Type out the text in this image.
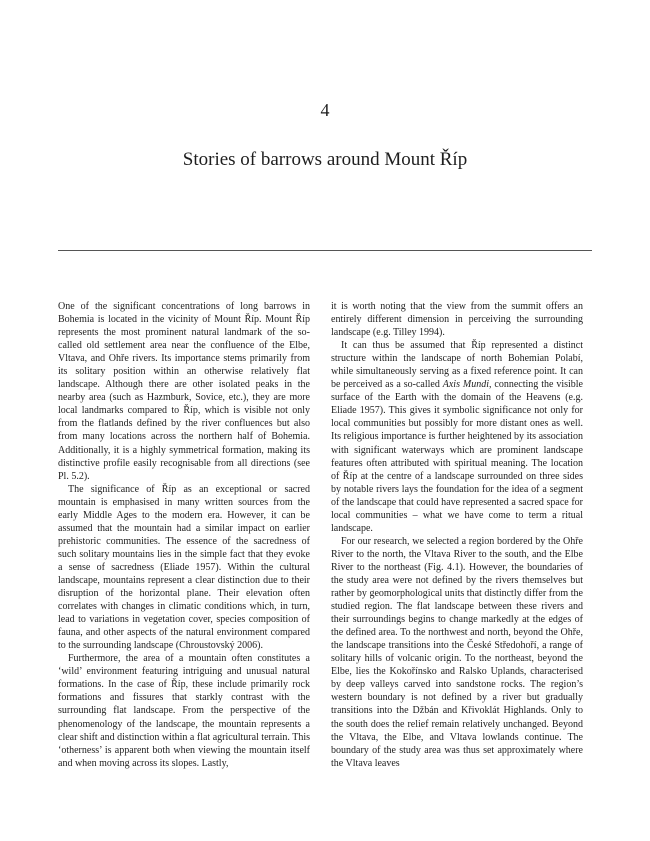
4
Stories of barrows around Mount Říp

One of the significant concentrations of long barrows in Bohemia is located in the vicinity of Mount Říp. Mount Říp represents the most prominent natural landmark of the so-called old settlement area near the confluence of the Elbe, Vltava, and Ohře rivers. Its importance stems primarily from its solitary position within an otherwise relatively flat landscape. Although there are other isolated peaks in the nearby area (such as Hazmburk, Sovice, etc.), they are more local landmarks compared to Říp, which is visible not only from the flatlands defined by the river confluences but also from many locations across the northern half of Bohemia. Additionally, it is a highly symmetrical formation, making its distinctive profile easily recognisable from all directions (see Pl. 5.2).

The significance of Říp as an exceptional or sacred mountain is emphasised in many written sources from the early Middle Ages to the modern era. However, it can be assumed that the mountain had a similar impact on earlier prehistoric communities. The essence of the sacredness of such solitary mountains lies in the simple fact that they evoke a sense of sacredness (Eliade 1957). Within the cultural landscape, mountains represent a clear distinction due to their disruption of the horizontal plane. Their elevation often correlates with changes in climatic conditions which, in turn, lead to variations in vegetation cover, species composition of fauna, and other aspects of the natural environment compared to the surrounding landscape (Chroustovský 2006).

Furthermore, the area of a mountain often constitutes a ‘wild’ environment featuring intriguing and unusual natural formations. In the case of Říp, these include primarily rock formations and fissures that starkly contrast with the surrounding flat landscape. From the perspective of the phenomenology of the landscape, the mountain represents a clear shift and distinction within a flat agricultural terrain. This ‘otherness’ is apparent both when viewing the mountain itself and when moving across its slopes. Lastly,

it is worth noting that the view from the summit offers an entirely different dimension in perceiving the surrounding landscape (e.g. Tilley 1994).

It can thus be assumed that Říp represented a distinct structure within the landscape of north Bohemian Polabí, while simultaneously serving as a fixed reference point. It can be perceived as a so-called Axis Mundi, connecting the visible surface of the Earth with the domain of the Heavens (e.g. Eliade 1957). This gives it symbolic significance not only for local communities but possibly for more distant ones as well. Its religious importance is further heightened by its association with significant waterways which are prominent landscape features often attributed with spiritual meaning. The location of Říp at the centre of a landscape surrounded on three sides by notable rivers lays the foundation for the idea of a segment of the landscape that could have represented a sacred space for local communities – what we have come to term a ritual landscape.

For our research, we selected a region bordered by the Ohře River to the north, the Vltava River to the south, and the Elbe River to the northeast (Fig. 4.1). However, the boundaries of the study area were not defined by the rivers themselves but rather by geomorphological units that distinctly differ from the studied region. The flat landscape between these rivers and their surroundings begins to change markedly at the edges of the defined area. To the northwest and north, beyond the Ohře, the landscape transitions into the České Středohoří, a range of solitary hills of volcanic origin. To the northeast, beyond the Elbe, lies the Kokořínsko and Ralsko Uplands, characterised by deep valleys carved into sandstone rocks. The region’s western boundary is not defined by a river but gradually transitions into the Džbán and Křivoklát Highlands. Only to the south does the relief remain relatively unchanged. Beyond the Vltava, the Elbe, and Vltava lowlands continue. The boundary of the study area was thus set approximately where the Vltava leaves
